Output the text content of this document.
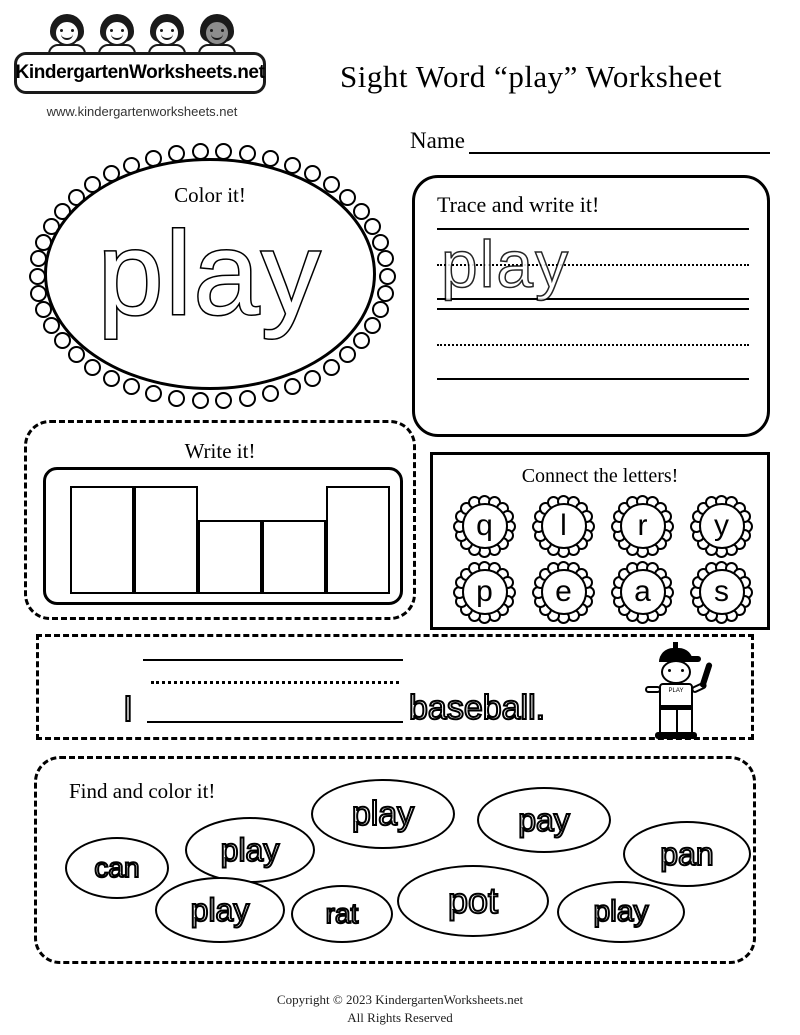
KindergartenWorksheets.net
www.kindergartenworksheets.net
Sight Word “play” Worksheet
Name
Color it!
play
Trace and write it!
play
Write it!
Connect the letters!
q	l	r	y
p	e	a	s
I	baseball.	PLAY
Find and color it!
can	play
play	pay
pan
play	rat	pot	play
Copyright © 2023 KindergartenWorksheets.net
All Rights Reserved
